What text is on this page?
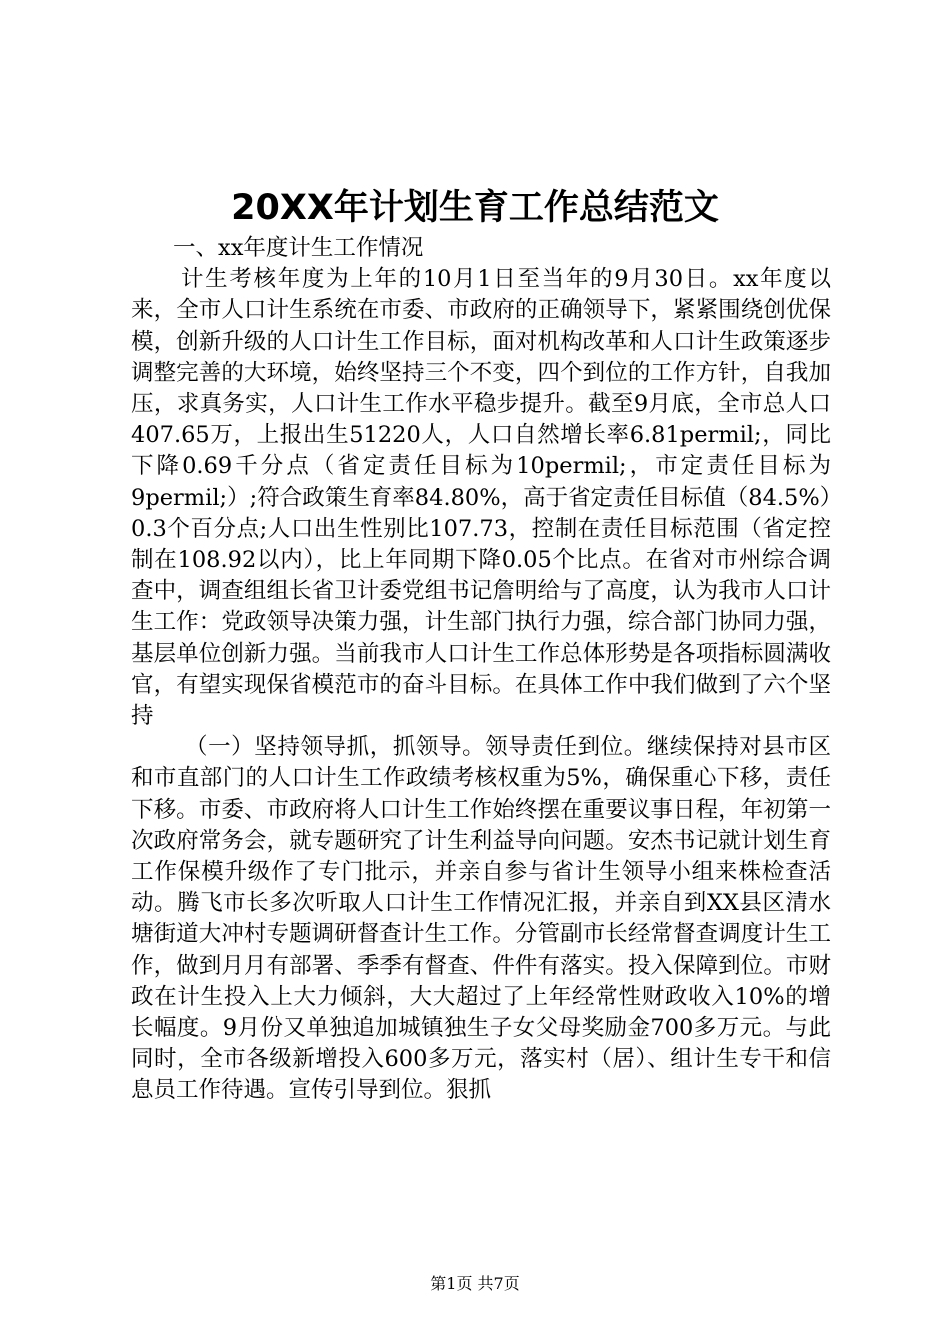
20XX年计划生育工作总结范文

一、xx年度计生工作情况

计生考核年度为上年的10月1日至当年的9月30日。xx年度以来，全市人口计生系统在市委、市政府的正确领导下，紧紧围绕创优保模，创新升级的人口计生工作目标，面对机构改革和人口计生政策逐步调整完善的大环境，始终坚持三个不变，四个到位的工作方针，自我加压，求真务实，人口计生工作水平稳步提升。截至9月底，全市总人口407.65万，上报出生51220人，人口自然增长率6.81permil;，同比下降0.69千分点（省定责任目标为10permil;，市定责任目标为9permil;）;符合政策生育率84.80%，高于省定责任目标值（84.5%）0.3个百分点;人口出生性别比107.73，控制在责任目标范围（省定控制在108.92以内），比上年同期下降0.05个比点。在省对市州综合调查中，调查组组长省卫计委党组书记詹明给与了高度，认为我市人口计生工作：党政领导决策力强，计生部门执行力强，综合部门协同力强，基层单位创新力强。当前我市人口计生工作总体形势是各项指标圆满收官，有望实现保省模范市的奋斗目标。在具体工作中我们做到了六个坚持

（一）坚持领导抓，抓领导。领导责任到位。继续保持对县市区和市直部门的人口计生工作政绩考核权重为5%，确保重心下移，责任下移。市委、市政府将人口计生工作始终摆在重要议事日程，年初第一次政府常务会，就专题研究了计生利益导向问题。安杰书记就计划生育工作保模升级作了专门批示，并亲自参与省计生领导小组来株检查活动。腾飞市长多次听取人口计生工作情况汇报，并亲自到XX县区清水塘街道大冲村专题调研督查计生工作。分管副市长经常督查调度计生工作，做到月月有部署、季季有督查、件件有落实。投入保障到位。市财政在计生投入上大力倾斜，大大超过了上年经常性财政收入10%的增长幅度。9月份又单独追加城镇独生子女父母奖励金700多万元。与此同时，全市各级新增投入600多万元，落实村（居）、组计生专干和信息员工作待遇。宣传引导到位。狠抓

第1页 共7页
